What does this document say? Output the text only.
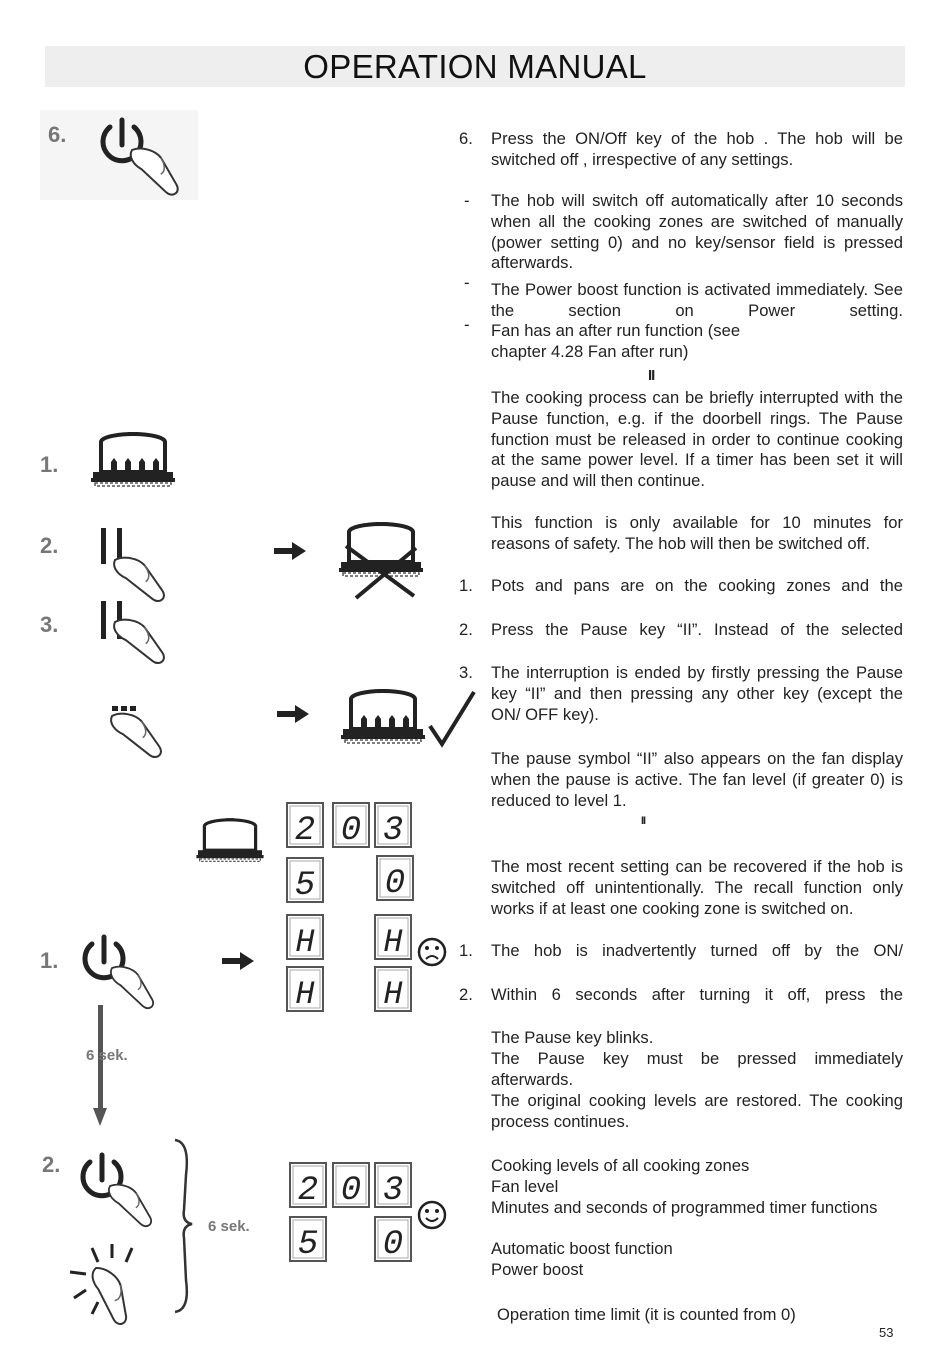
OPERATION MANUAL
6.
1.
2.
3.
2 0 3
5 0
H H
H H
1.
6 sek.
2.
6 sek.
2 0 3
5 0
6. Press the ON/Off key of the hob . The hob will be switched off , irrespective of any settings.
- The hob will switch off automatically after 10 seconds when all the cooking zones are switched of manually (power setting 0) and no key/sensor field is pressed afterwards.
- The Power boost function is activated immediately. See the section on Power setting.
- Fan has an after run function (see chapter 4.28 Fan after run)
II
The cooking process can be briefly interrupted with the Pause function, e.g. if the doorbell rings. The Pause function must be released in order to continue cooking at the same power level. If a timer has been set it will pause and will then continue.
This function is only available for 10 minutes for reasons of safety. The hob will then be switched off.
1. Pots and pans are on the cooking zones and the
2. Press the Pause key “II”. Instead of the selected
3. The interruption is ended by firstly pressing the Pause key “II” and then pressing any other key (except the ON/ OFF key).
The pause symbol “II” also appears on the fan display when the pause is active. The fan level (if greater 0) is reduced to level 1.
II
The most recent setting can be recovered if the hob is switched off unintentionally. The recall function only works if at least one cooking zone is switched on.
1. The hob is inadvertently turned off by the ON/
2. Within 6 seconds after turning it off, press the
The Pause key blinks.
The Pause key must be pressed immediately afterwards.
The original cooking levels are restored. The cooking process continues.
Cooking levels of all cooking zones
Fan level
Minutes and seconds of programmed timer functions
Automatic boost function
Power boost
Operation time limit (it is counted from 0)
53
